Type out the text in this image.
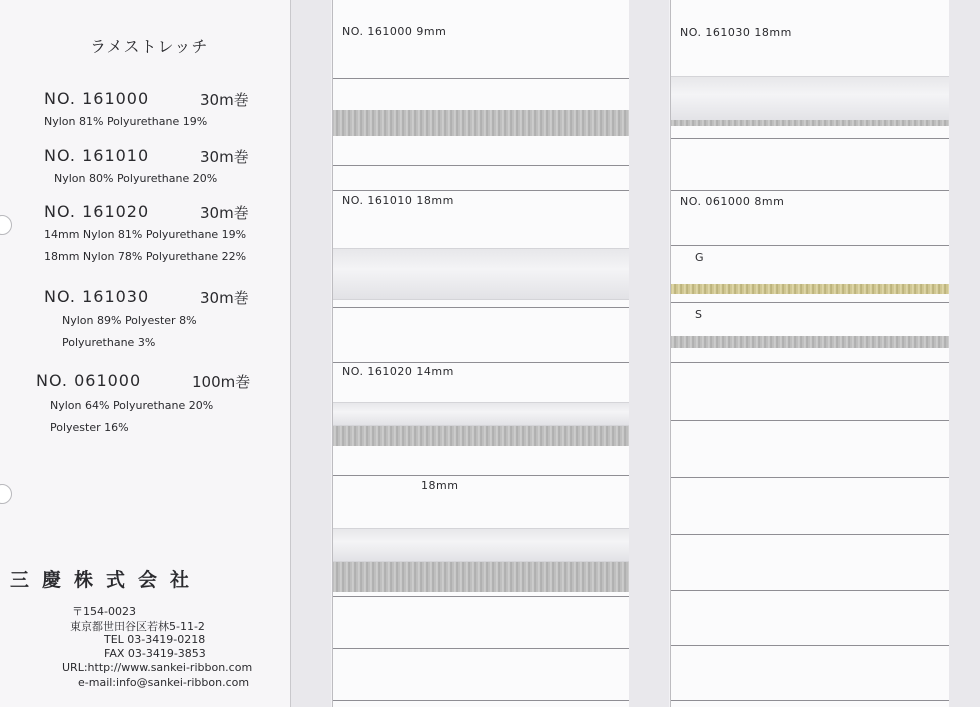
ラメストレッチ
NO. 161000	30m巻
Nylon 81% Polyurethane 19%
NO. 161010	30m巻
Nylon 80% Polyurethane 20%
NO. 161020	30m巻
14mm Nylon 81% Polyurethane 19%
18mm Nylon 78% Polyurethane 22%
NO. 161030	30m巻
Nylon 89% Polyester 8%
Polyurethane 3%
NO. 061000	100m巻
Nylon 64% Polyurethane 20%
Polyester 16%
三慶株式会社
〒154-0023
東京都世田谷区若林5-11-2
TEL 03-3419-0218
FAX 03-3419-3853
URL:http://www.sankei-ribbon.com
e-mail:info@sankei-ribbon.com
NO. 161000 9mm
NO. 161010 18mm
NO. 161020 14mm
18mm
NO. 161030 18mm
NO. 061000 8mm
G
S
